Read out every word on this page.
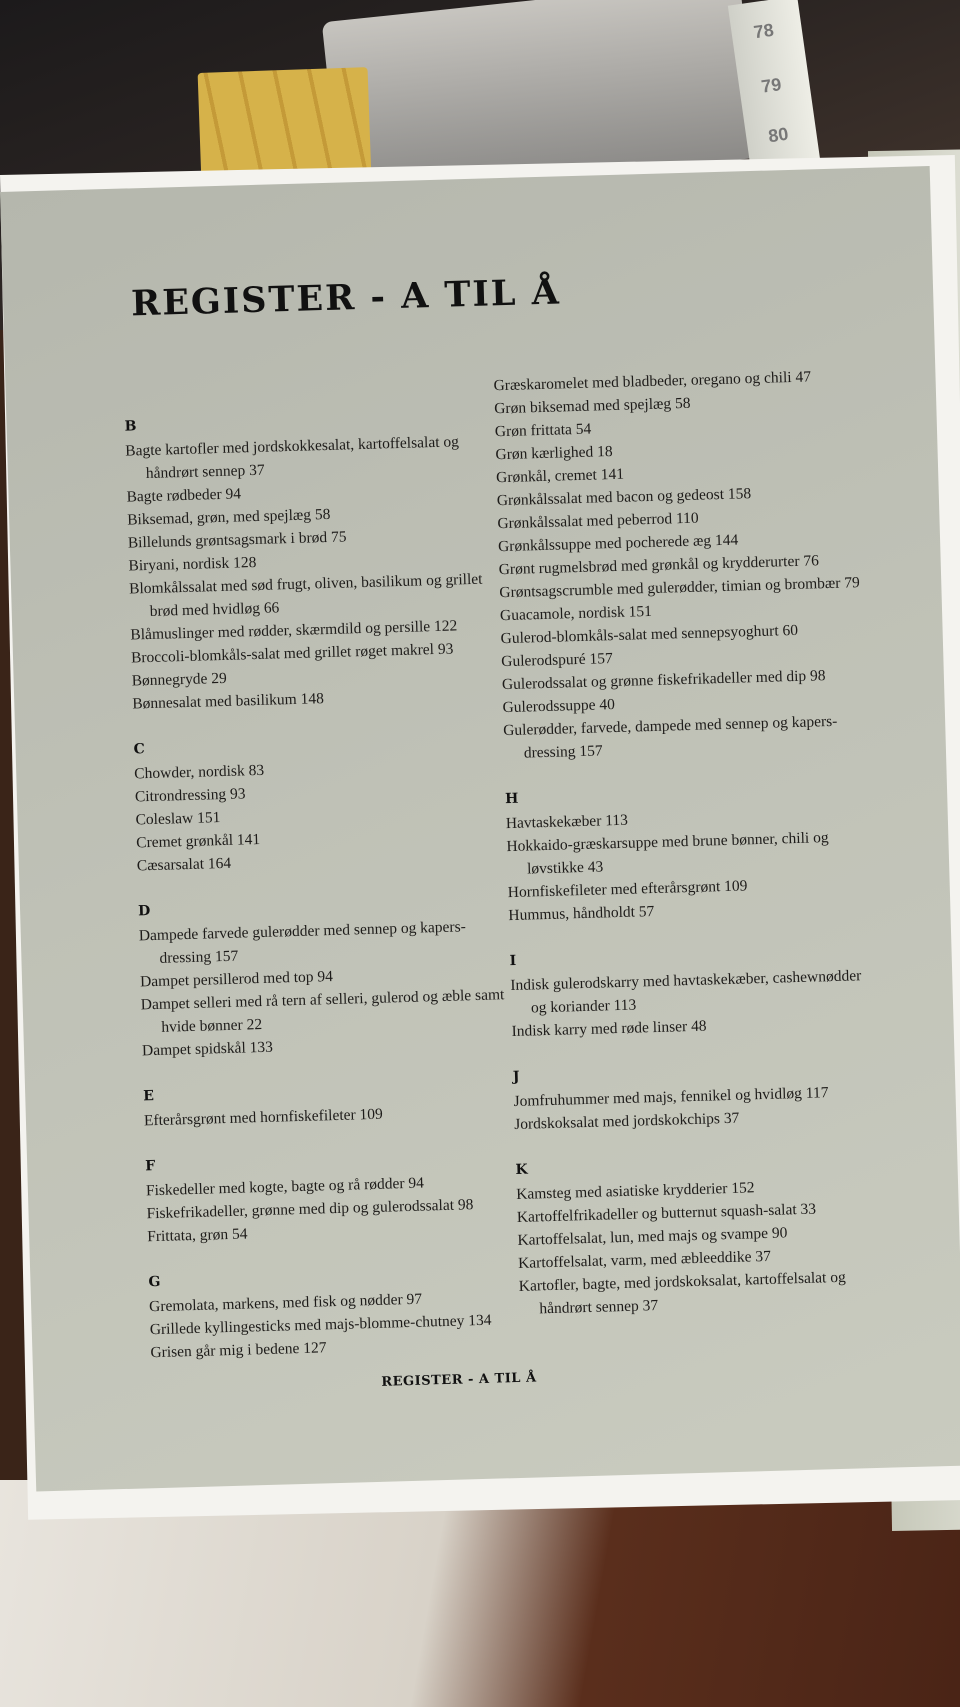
78
79
80
REGISTER - A TIL Å

B

Bagte kartofler med jordskokkesalat, kartoffelsalat og
håndrørt sennep 37

Bagte rødbeder 94

Biksemad, grøn, med spejlæg 58

Billelunds grøntsagsmark i brød 75

Biryani, nordisk 128

Blomkålssalat med sød frugt, oliven, basilikum og grillet
brød med hvidløg 66

Blåmuslinger med rødder, skærmdild og persille 122

Broccoli-blomkåls-salat med grillet røget makrel 93

Bønnegryde 29

Bønnesalat med basilikum 148

C

Chowder, nordisk 83

Citrondressing 93

Coleslaw 151

Cremet grønkål 141

Cæsarsalat 164

D

Dampede farvede gulerødder med sennep og kapers-
dressing 157

Dampet persillerod med top 94

Dampet selleri med rå tern af selleri, gulerod og æble samt
hvide bønner 22

Dampet spidskål 133

E

Efterårsgrønt med hornfiskefileter 109

F

Fiskedeller med kogte, bagte og rå rødder 94

Fiskefrikadeller, grønne med dip og gulerodssalat 98

Frittata, grøn 54

G

Gremolata, markens, med fisk og nødder 97

Grillede kyllingesticks med majs-blomme-chutney 134

Grisen går mig i bedene 127

Græskaromelet med bladbeder, oregano og chili 47

Grøn biksemad med spejlæg 58

Grøn frittata 54

Grøn kærlighed 18

Grønkål, cremet 141

Grønkålssalat med bacon og gedeost 158

Grønkålssalat med peberrod 110

Grønkålssuppe med pocherede æg 144

Grønt rugmelsbrød med grønkål og krydderurter 76

Grøntsagscrumble med gulerødder, timian og brombær 79

Guacamole, nordisk 151

Gulerod-blomkåls-salat med sennepsyoghurt 60

Gulerodspuré 157

Gulerodssalat og grønne fiskefrikadeller med dip 98

Gulerodssuppe 40

Gulerødder, farvede, dampede med sennep og kapers-
dressing 157

H

Havtaskekæber 113

Hokkaido-græskarsuppe med brune bønner, chili og
løvstikke 43

Hornfiskefileter med efterårsgrønt 109

Hummus, håndholdt 57

I

Indisk gulerodskarry med havtaskekæber, cashewnødder
og koriander 113

Indisk karry med røde linser 48

J

Jomfruhummer med majs, fennikel og hvidløg 117

Jordskoksalat med jordskokchips 37

K

Kamsteg med asiatiske krydderier 152

Kartoffelfrikadeller og butternut squash-salat 33

Kartoffelsalat, lun, med majs og svampe 90

Kartoffelsalat, varm, med æbleeddike 37

Kartofler, bagte, med jordskoksalat, kartoffelsalat og
håndrørt sennep 37

REGISTER - A TIL Å
